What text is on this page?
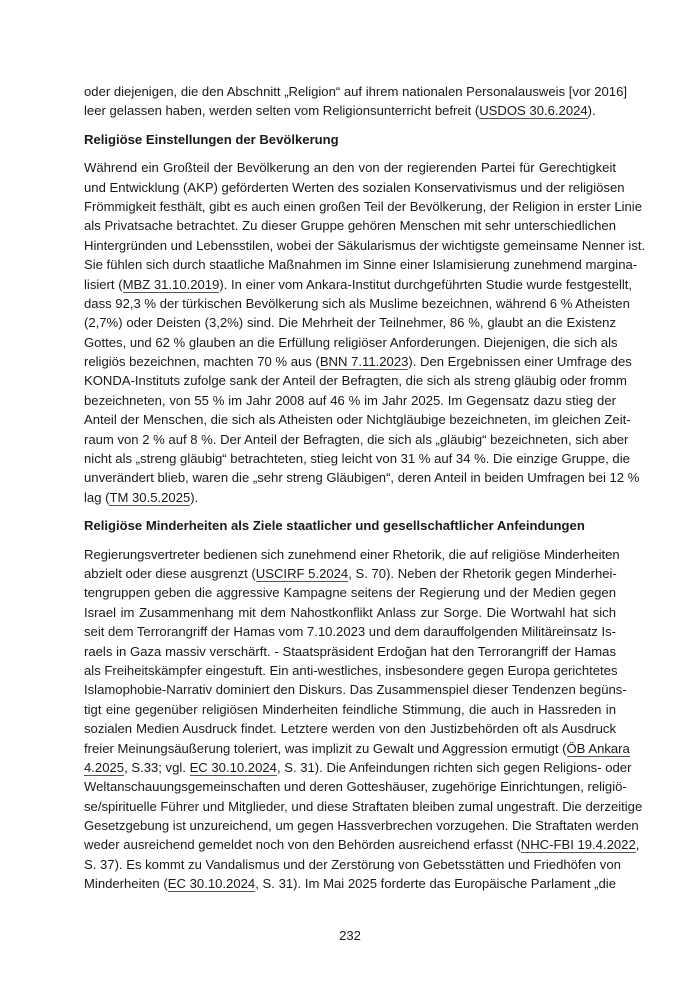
oder diejenigen, die den Abschnitt „Religion“ auf ihrem nationalen Personalausweis [vor 2016]
leer gelassen haben, werden selten vom Religionsunterricht befreit (USDOS 30.6.2024).
Religiöse Einstellungen der Bevölkerung
Während ein Großteil der Bevölkerung an den von der regierenden Partei für Gerechtigkeit
und Entwicklung (AKP) geförderten Werten des sozialen Konservativismus und der religiösen
Frömmigkeit festhält, gibt es auch einen großen Teil der Bevölkerung, der Religion in erster Linie
als Privatsache betrachtet. Zu dieser Gruppe gehören Menschen mit sehr unterschiedlichen
Hintergründen und Lebensstilen, wobei der Säkularismus der wichtigste gemeinsame Nenner ist.
Sie fühlen sich durch staatliche Maßnahmen im Sinne einer Islamisierung zunehmend margina-
lisiert (MBZ 31.10.2019). In einer vom Ankara-Institut durchgeführten Studie wurde festgestellt,
dass 92,3 % der türkischen Bevölkerung sich als Muslime bezeichnen, während 6 % Atheisten
(2,7%) oder Deisten (3,2%) sind. Die Mehrheit der Teilnehmer, 86 %, glaubt an die Existenz
Gottes, und 62 % glauben an die Erfüllung religiöser Anforderungen. Diejenigen, die sich als
religiös bezeichnen, machten 70 % aus (BNN 7.11.2023). Den Ergebnissen einer Umfrage des
KONDA-Instituts zufolge sank der Anteil der Befragten, die sich als streng gläubig oder fromm
bezeichneten, von 55 % im Jahr 2008 auf 46 % im Jahr 2025. Im Gegensatz dazu stieg der
Anteil der Menschen, die sich als Atheisten oder Nichtgläubige bezeichneten, im gleichen Zeit-
raum von 2 % auf 8 %. Der Anteil der Befragten, die sich als „gläubig“ bezeichneten, sich aber
nicht als „streng gläubig“ betrachteten, stieg leicht von 31 % auf 34 %. Die einzige Gruppe, die
unverändert blieb, waren die „sehr streng Gläubigen“, deren Anteil in beiden Umfragen bei 12 %
lag (TM 30.5.2025).
Religiöse Minderheiten als Ziele staatlicher und gesellschaftlicher Anfeindungen
Regierungsvertreter bedienen sich zunehmend einer Rhetorik, die auf religiöse Minderheiten
abzielt oder diese ausgrenzt (USCIRF 5.2024, S. 70). Neben der Rhetorik gegen Minderhei-
tengruppen geben die aggressive Kampagne seitens der Regierung und der Medien gegen
Israel im Zusammenhang mit dem Nahostkonflikt Anlass zur Sorge. Die Wortwahl hat sich
seit dem Terrorangriff der Hamas vom 7.10.2023 und dem darauffolgenden Militäreinsatz Is-
raels in Gaza massiv verschärft. - Staatspräsident Erdoğan hat den Terrorangriff der Hamas
als Freiheitskämpfer eingestuft. Ein anti-westliches, insbesondere gegen Europa gerichtetes
Islamophobie-Narrativ dominiert den Diskurs. Das Zusammenspiel dieser Tendenzen begüns-
tigt eine gegenüber religiösen Minderheiten feindliche Stimmung, die auch in Hassreden in
sozialen Medien Ausdruck findet. Letztere werden von den Justizbehörden oft als Ausdruck
freier Meinungsäußerung toleriert, was implizit zu Gewalt und Aggression ermutigt (ÖB Ankara
4.2025, S.33; vgl. EC 30.10.2024, S. 31). Die Anfeindungen richten sich gegen Religions- oder
Weltanschauungsgemeinschaften und deren Gotteshäuser, zugehörige Einrichtungen, religiö-
se/spirituelle Führer und Mitglieder, und diese Straftaten bleiben zumal ungestraft. Die derzeitige
Gesetzgebung ist unzureichend, um gegen Hassverbrechen vorzugehen. Die Straftaten werden
weder ausreichend gemeldet noch von den Behörden ausreichend erfasst (NHC-FBI 19.4.2022,
S. 37). Es kommt zu Vandalismus und der Zerstörung von Gebetsstätten und Friedhöfen von
Minderheiten (EC 30.10.2024, S. 31). Im Mai 2025 forderte das Europäische Parlament „die
232
